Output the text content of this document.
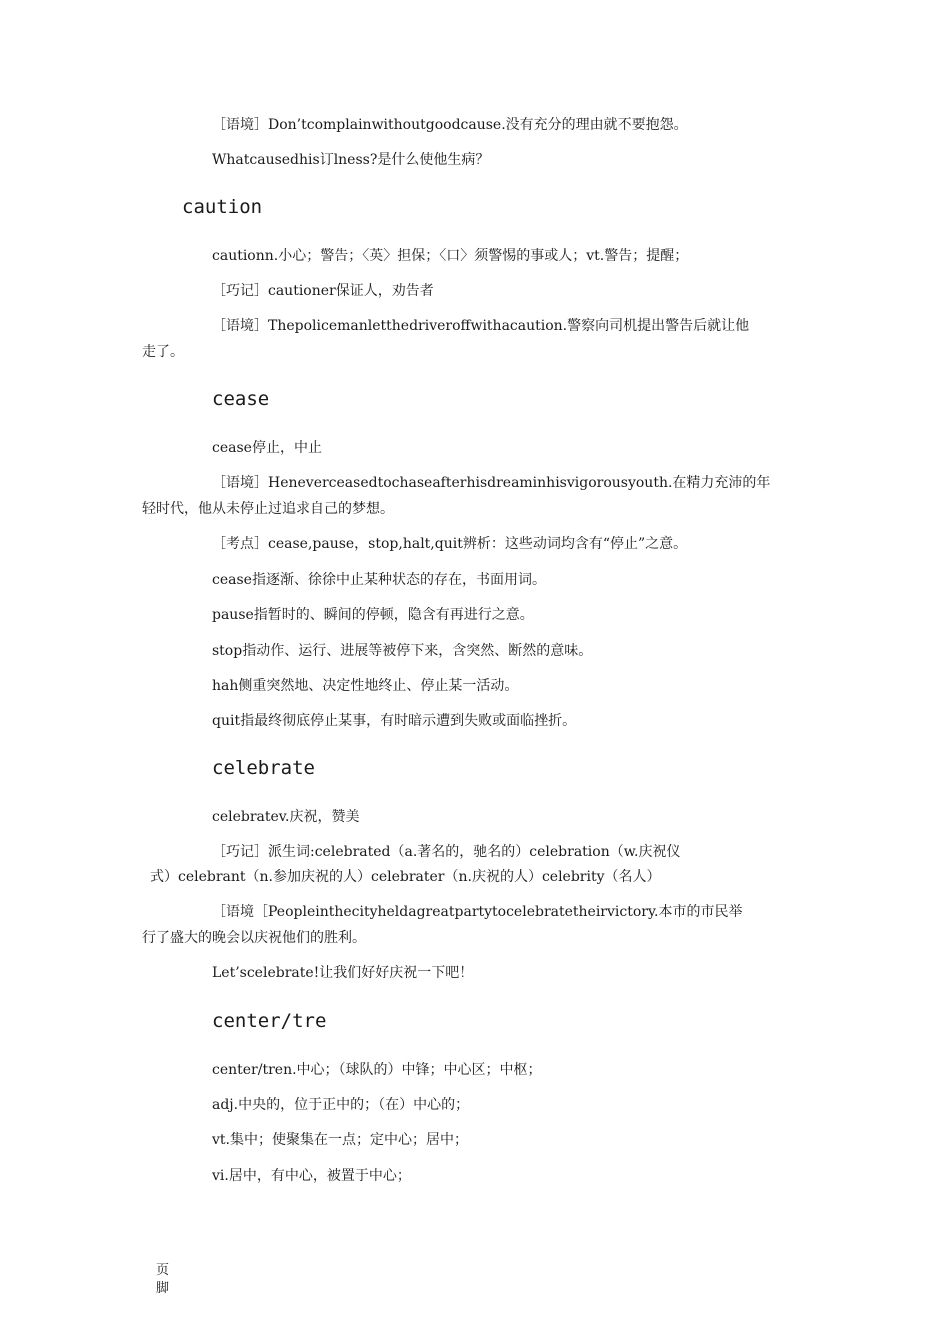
［语境］Don’tcomplainwithoutgoodcause.没有充分的理由就不要抱怨。
Whatcausedhis订lness?是什么使他生病？
caution
cautionn.小心；警告；〈英〉担保；〈口〉须警惕的事或人；vt.警告；提醒；
［巧记］cautioner保证人，劝告者
［语境］Thepolicemanletthedriveroffwithacaution.警察向司机提出警告后就让他
走了。
cease
cease停止，中止
［语境］Heneverceasedtochaseafterhisdreaminhisvigorousyouth.在精力充沛的年
轻时代，他从未停止过追求自己的梦想。
［考点］cease,pause，stop,halt,quit辨析：这些动词均含有“停止”之意。
cease指逐渐、徐徐中止某种状态的存在，书面用词。
pause指暂时的、瞬间的停顿，隐含有再进行之意。
stop指动作、运行、进展等被停下来，含突然、断然的意味。
hah侧重突然地、决定性地终止、停止某一活动。
quit指最终彻底停止某事，有时暗示遭到失败或面临挫折。
celebrate
celebratev.庆祝，赞美
［巧记］派生词:celebrated（a.著名的，驰名的）celebration（w.庆祝仪
式）celebrant（n.参加庆祝的人）celebrater（n.庆祝的人）celebrity（名人）
［语境［Peopleinthecityheldagreatpartytocelebratetheirvictory.本市的市民举
行了盛大的晚会以庆祝他们的胜利。
Let’scelebrate!让我们好好庆祝一下吧！
center/tre
center/tren.中心；（球队的）中锋；中心区；中枢；
adj.中央的，位于正中的；（在）中心的；
vt.集中；使聚集在一点；定中心；居中；
vi.居中，有中心，被置于中心；
页脚
